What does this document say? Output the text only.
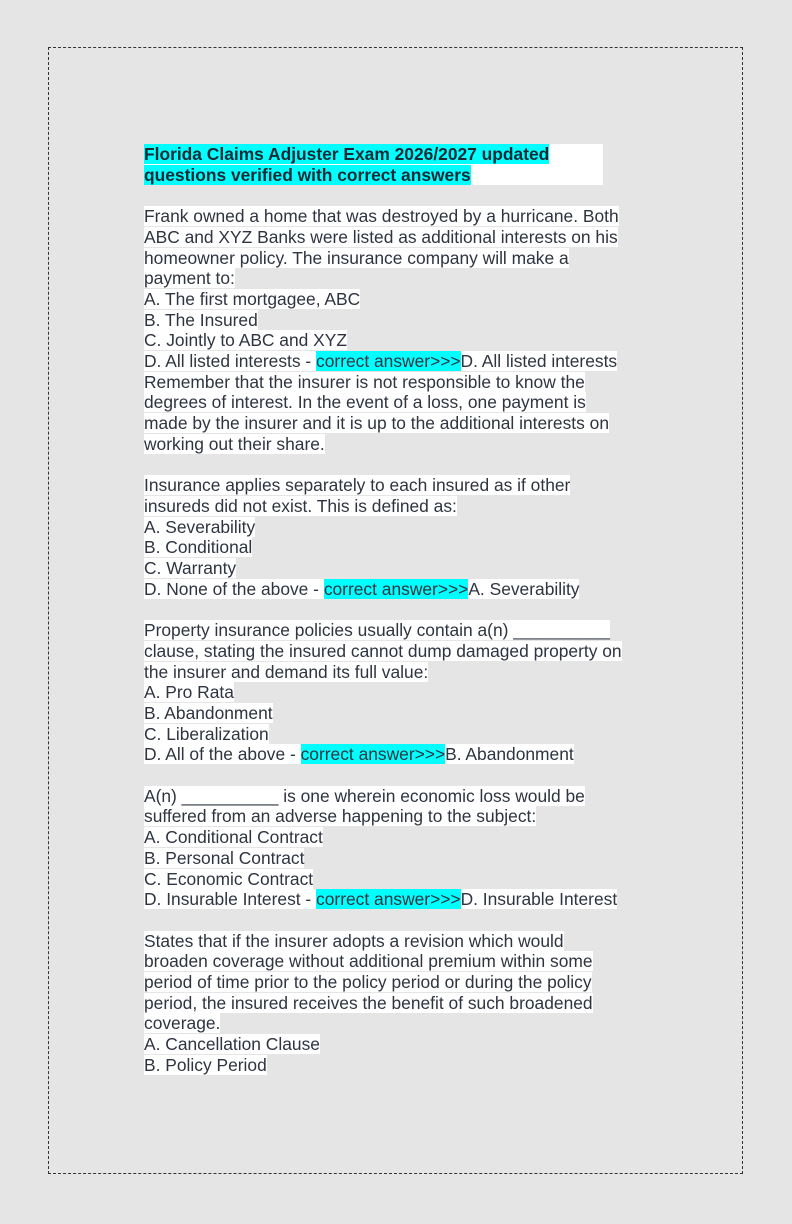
Florida Claims Adjuster Exam 2026/2027 updated
questions verified with correct answers
Frank owned a home that was destroyed by a hurricane. Both
ABC and XYZ Banks were listed as additional interests on his
homeowner policy. The insurance company will make a
payment to:
A. The first mortgagee, ABC
B. The Insured
C. Jointly to ABC and XYZ
D. All listed interests - correct answer>>>D. All listed interests
Remember that the insurer is not responsible to know the
degrees of interest. In the event of a loss, one payment is
made by the insurer and it is up to the additional interests on
working out their share.
Insurance applies separately to each insured as if other
insureds did not exist. This is defined as:
A. Severability
B. Conditional
C. Warranty
D. None of the above - correct answer>>>A. Severability
Property insurance policies usually contain a(n) __________
clause, stating the insured cannot dump damaged property on
the insurer and demand its full value:
A. Pro Rata
B. Abandonment
C. Liberalization
D. All of the above - correct answer>>>B. Abandonment
A(n) __________ is one wherein economic loss would be
suffered from an adverse happening to the subject:
A. Conditional Contract
B. Personal Contract
C. Economic Contract
D. Insurable Interest - correct answer>>>D. Insurable Interest
States that if the insurer adopts a revision which would
broaden coverage without additional premium within some
period of time prior to the policy period or during the policy
period, the insured receives the benefit of such broadened
coverage.
A. Cancellation Clause
B. Policy Period
